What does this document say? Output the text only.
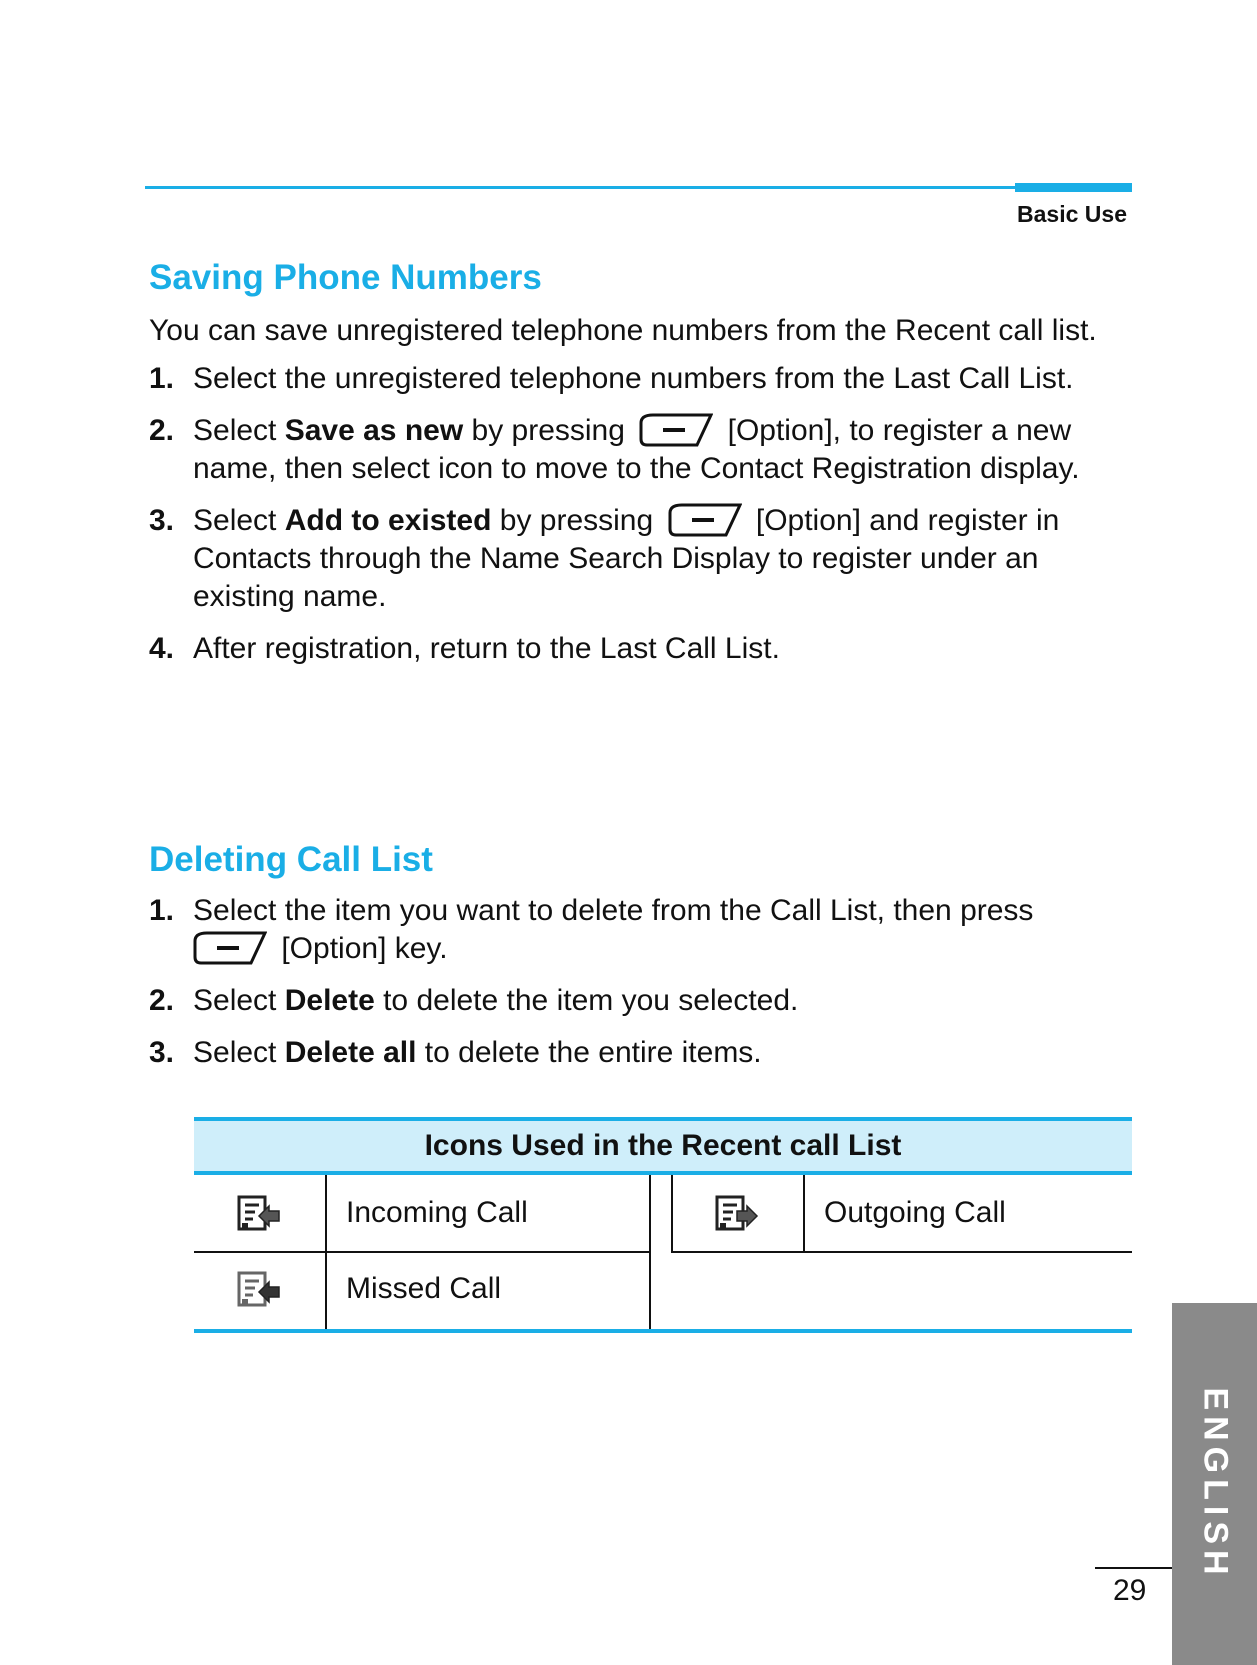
Basic Use
Saving Phone Numbers

You can save unregistered telephone numbers from the Recent call list.

1. Select the unregistered telephone numbers from the Last Call List.
2. Select Save as new by pressing	[Option], to register a new name, then select icon to move to the Contact Registration display.
3. Select Add to existed by pressing	[Option] and register in Contacts through the Name Search Display to register under an existing name.
4. After registration, return to the Last Call List.
Deleting Call List
1. Select the item you want to delete from the Call List, then press
[Option] key.
2. Select Delete to delete the item you selected.
3. Select Delete all to delete the entire items.
Icons Used in the Recent call List
Incoming Call	Outgoing Call
Missed Call
ENGLISH
29
